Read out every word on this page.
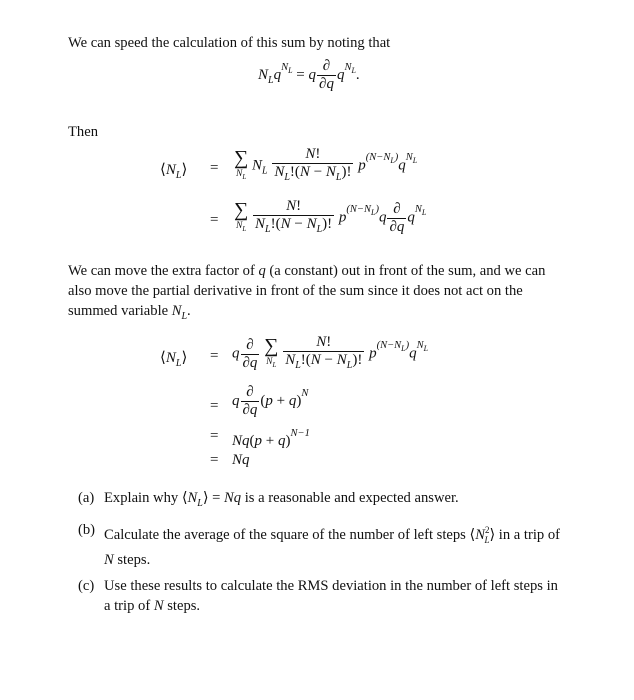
We can speed the calculation of this sum by noting that
$N_Lq^{N_L} = q \frac{\partial}{\partial q} q^{N_L}$.
Then
$⟨N_L⟩$ = ∑
$N_L$
$N_L \frac{N!}{N_L!(N - N_L)!} p^{(N-N_L)}q^{N_L}$
= ∑
$N_L$
$\frac{N!}{N_L!(N - N_L)!} p^{(N-N_L)}q \frac{\partial}{\partial q} q^{N_L}$
We can move the extra factor of q (a constant) out in front of the sum, and we can also move the partial derivative in front of the sum since it does not act on the summed variable $N_L$.
$⟨N_L⟩ = q \frac{\partial}{\partial q}$
∑
$N_L$
$\frac{N!}{N_L!(N - N_L)!} p^{(N-N_L)}q^{N_L}$
= q $\frac{\partial}{\partial q} (p + q)^N$
= $Nq(p + q)^{N-1}$
= Nq
(a) Explain why $⟨N_L⟩ = Nq$ is a reasonable and expected answer.
(b) Calculate the average of the square of the number of left steps $⟨N^2_L⟩$ in a trip of N steps.
(c) Use these results to calculate the RMS deviation in the number of left steps in a trip of N steps.
